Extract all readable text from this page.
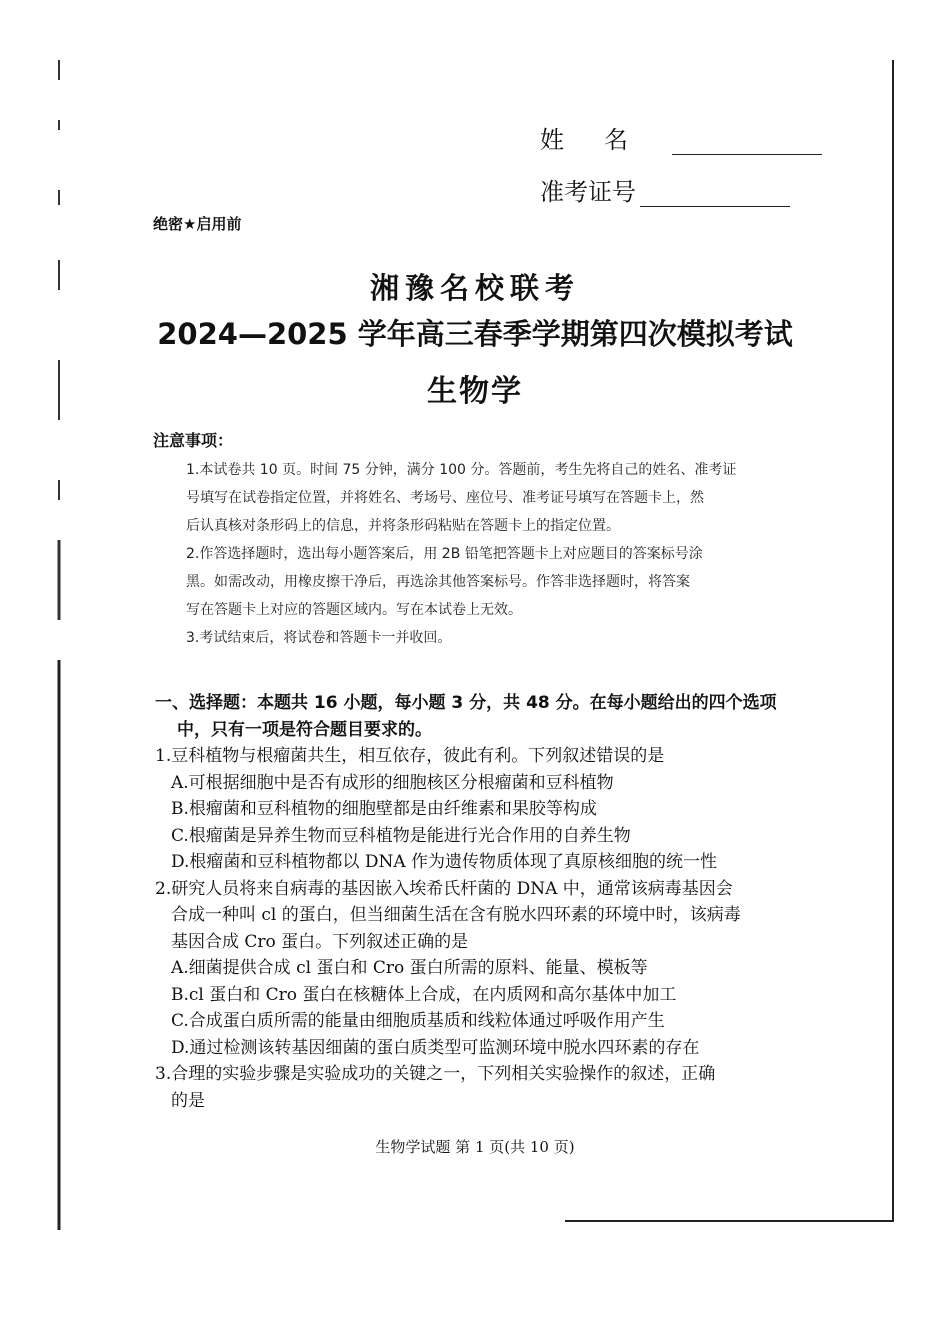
姓名
准考证号
绝密★启用前
湘豫名校联考
2024—2025 学年高三春季学期第四次模拟考试
生物学
注意事项：
1.本试卷共 10 页。时间 75 分钟，满分 100 分。答题前，考生先将自己的姓名、准考证
号填写在试卷指定位置，并将姓名、考场号、座位号、准考证号填写在答题卡上，然
后认真核对条形码上的信息，并将条形码粘贴在答题卡上的指定位置。
2.作答选择题时，选出每小题答案后，用 2B 铅笔把答题卡上对应题目的答案标号涂
黑。如需改动，用橡皮擦干净后，再选涂其他答案标号。作答非选择题时，将答案
写在答题卡上对应的答题区域内。写在本试卷上无效。
3.考试结束后，将试卷和答题卡一并收回。
一、选择题：本题共 16 小题，每小题 3 分，共 48 分。在每小题给出的四个选项
中，只有一项是符合题目要求的。
1.豆科植物与根瘤菌共生，相互依存，彼此有利。下列叙述错误的是
A.可根据细胞中是否有成形的细胞核区分根瘤菌和豆科植物
B.根瘤菌和豆科植物的细胞壁都是由纤维素和果胶等构成
C.根瘤菌是异养生物而豆科植物是能进行光合作用的自养生物
D.根瘤菌和豆科植物都以 DNA 作为遗传物质体现了真原核细胞的统一性
2.研究人员将来自病毒的基因嵌入埃希氏杆菌的 DNA 中，通常该病毒基因会
合成一种叫 cl 的蛋白，但当细菌生活在含有脱水四环素的环境中时，该病毒
基因合成 Cro 蛋白。下列叙述正确的是
A.细菌提供合成 cl 蛋白和 Cro 蛋白所需的原料、能量、模板等
B.cl 蛋白和 Cro 蛋白在核糖体上合成，在内质网和高尔基体中加工
C.合成蛋白质所需的能量由细胞质基质和线粒体通过呼吸作用产生
D.通过检测该转基因细菌的蛋白质类型可监测环境中脱水四环素的存在
3.合理的实验步骤是实验成功的关键之一，下列相关实验操作的叙述，正确
的是
生物学试题 第 1 页(共 10 页)
